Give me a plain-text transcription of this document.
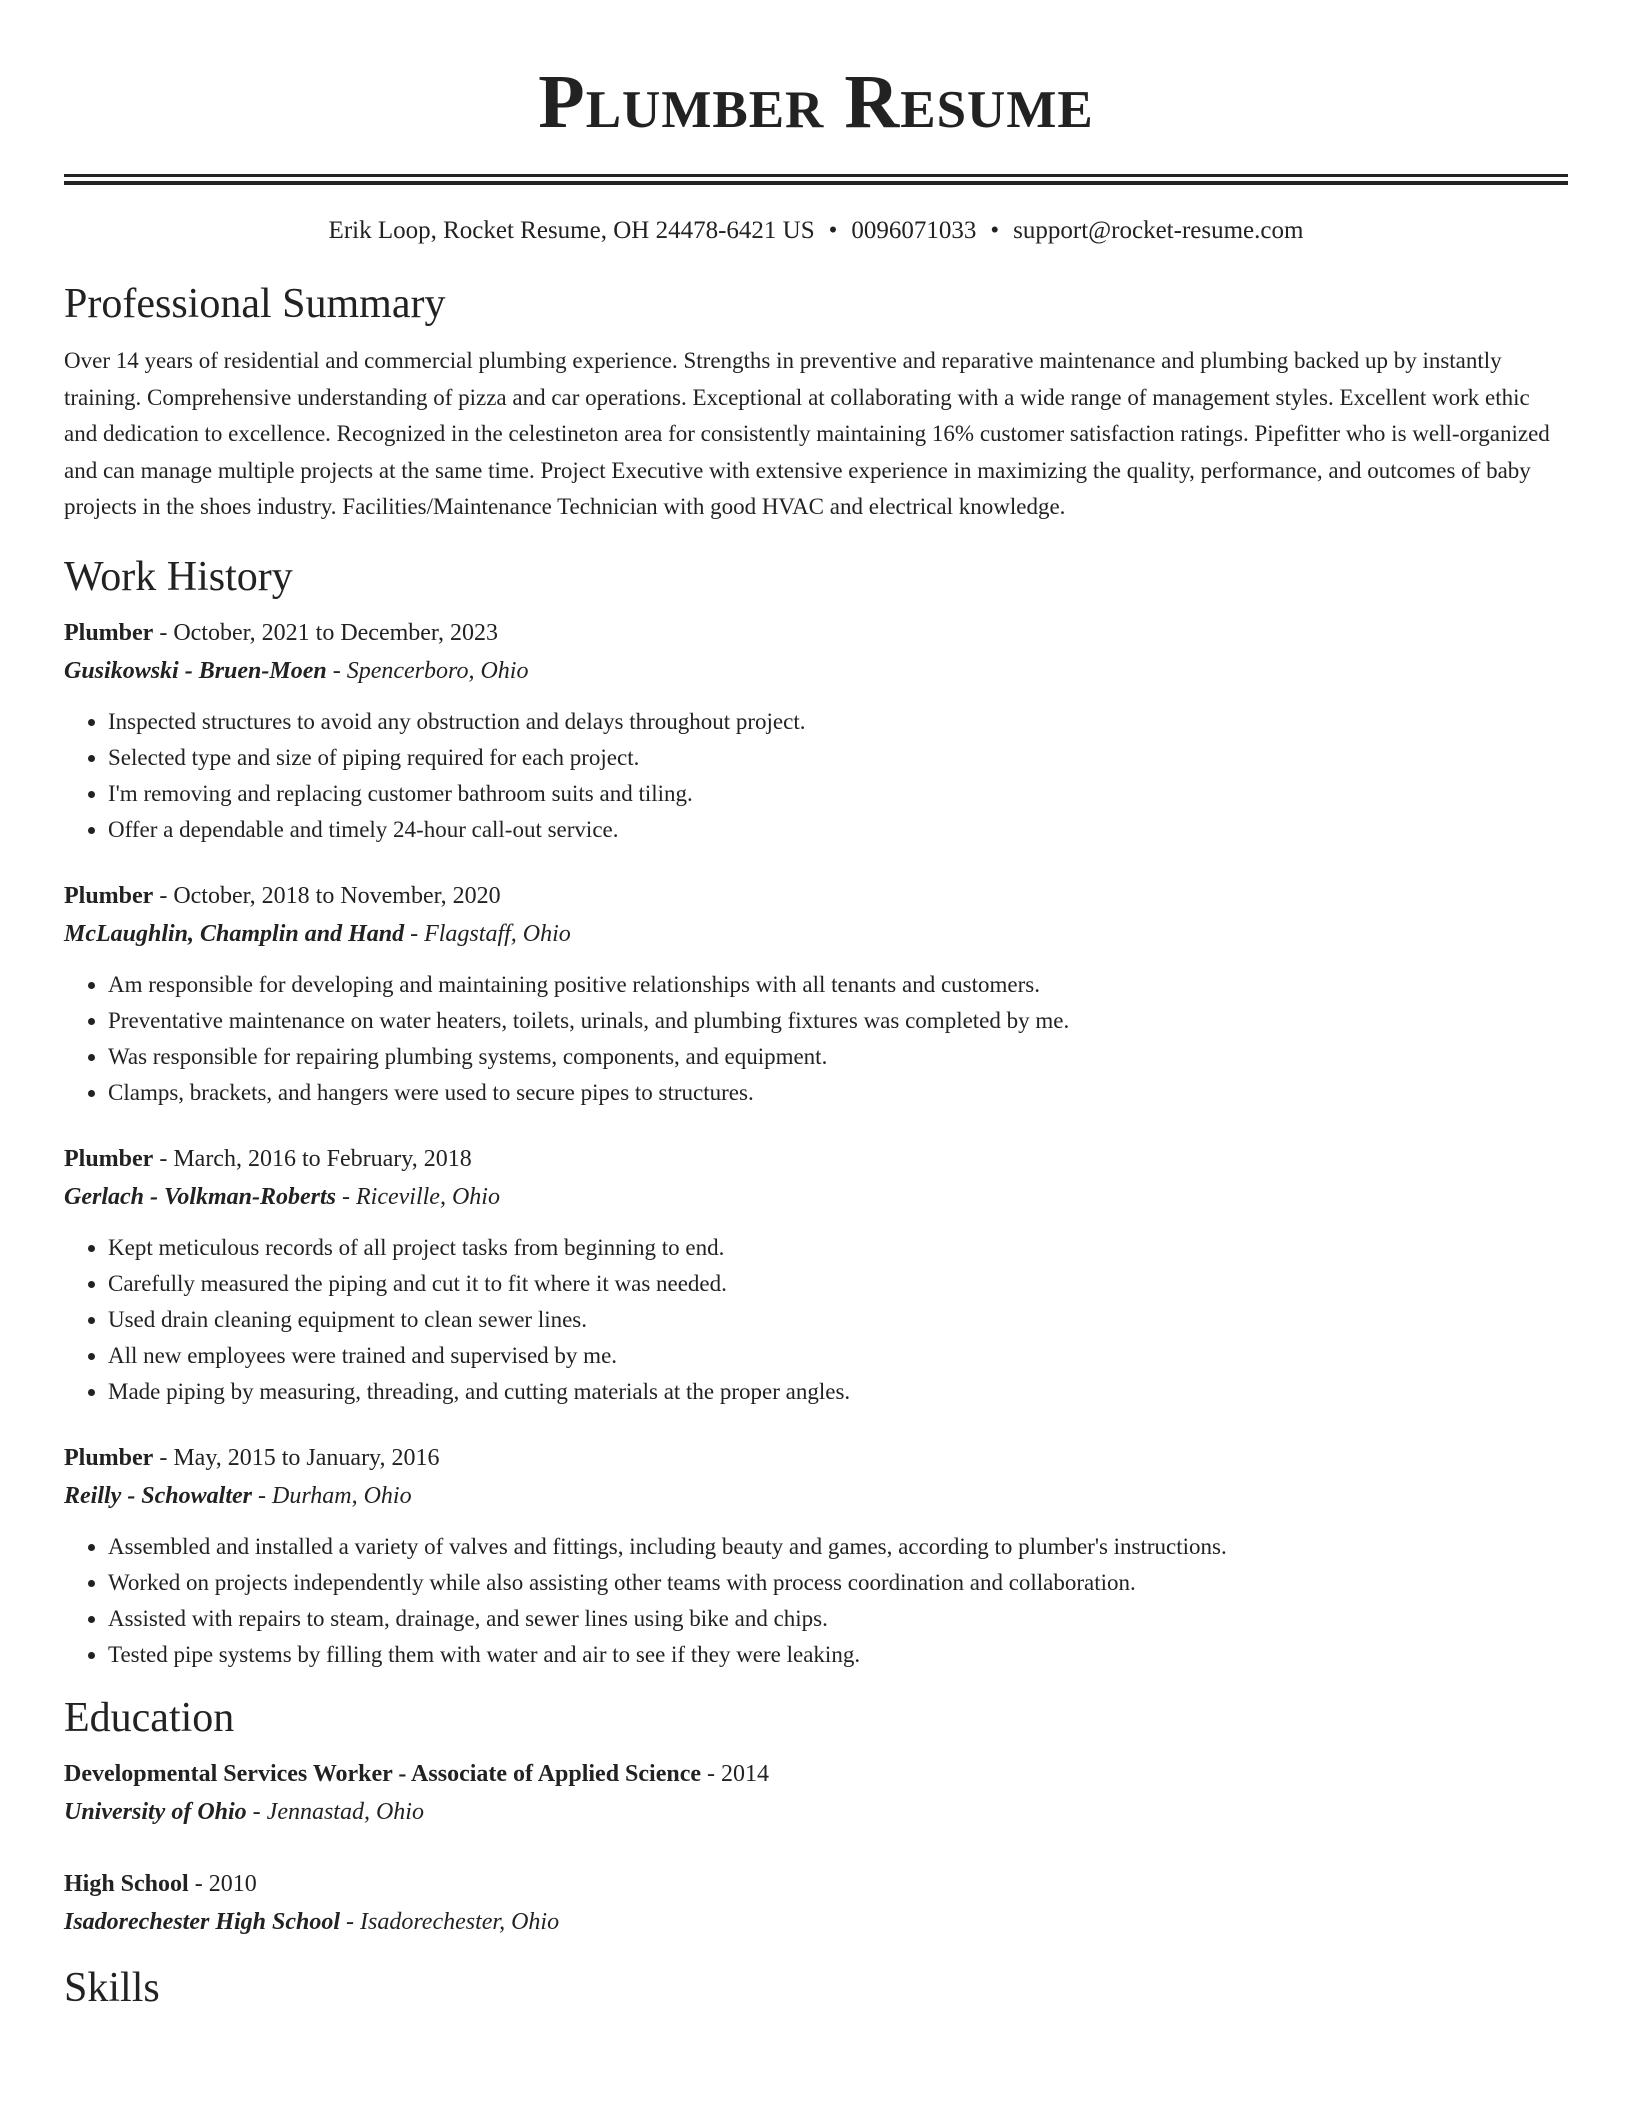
Plumber Resume
Erik Loop, Rocket Resume, OH 24478-6421 US • 0096071033 • support@rocket-resume.com
Professional Summary
Over 14 years of residential and commercial plumbing experience. Strengths in preventive and reparative maintenance and plumbing backed up by instantly training. Comprehensive understanding of pizza and car operations. Exceptional at collaborating with a wide range of management styles. Excellent work ethic and dedication to excellence. Recognized in the celestineton area for consistently maintaining 16% customer satisfaction ratings. Pipefitter who is well-organized and can manage multiple projects at the same time. Project Executive with extensive experience in maximizing the quality, performance, and outcomes of baby projects in the shoes industry. Facilities/Maintenance Technician with good HVAC and electrical knowledge.
Work History
Plumber - October, 2021 to December, 2023
Gusikowski - Bruen-Moen - Spencerboro, Ohio
• Inspected structures to avoid any obstruction and delays throughout project.
• Selected type and size of piping required for each project.
• I'm removing and replacing customer bathroom suits and tiling.
• Offer a dependable and timely 24-hour call-out service.
Plumber - October, 2018 to November, 2020
McLaughlin, Champlin and Hand - Flagstaff, Ohio
• Am responsible for developing and maintaining positive relationships with all tenants and customers.
• Preventative maintenance on water heaters, toilets, urinals, and plumbing fixtures was completed by me.
• Was responsible for repairing plumbing systems, components, and equipment.
• Clamps, brackets, and hangers were used to secure pipes to structures.
Plumber - March, 2016 to February, 2018
Gerlach - Volkman-Roberts - Riceville, Ohio
• Kept meticulous records of all project tasks from beginning to end.
• Carefully measured the piping and cut it to fit where it was needed.
• Used drain cleaning equipment to clean sewer lines.
• All new employees were trained and supervised by me.
• Made piping by measuring, threading, and cutting materials at the proper angles.
Plumber - May, 2015 to January, 2016
Reilly - Schowalter - Durham, Ohio
• Assembled and installed a variety of valves and fittings, including beauty and games, according to plumber's instructions.
• Worked on projects independently while also assisting other teams with process coordination and collaboration.
• Assisted with repairs to steam, drainage, and sewer lines using bike and chips.
• Tested pipe systems by filling them with water and air to see if they were leaking.
Education
Developmental Services Worker - Associate of Applied Science - 2014
University of Ohio - Jennastad, Ohio
High School - 2010
Isadorechester High School - Isadorechester, Ohio
Skills
